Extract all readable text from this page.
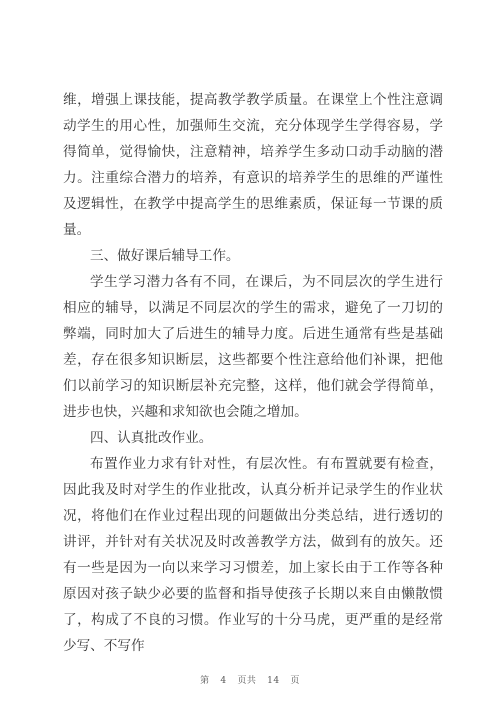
维，增强上课技能，提高教学教学质量。在课堂上个性注意调动学生的用心性，加强师生交流，充分体现学生学得容易，学得简单，觉得愉快，注意精神，培养学生多动口动手动脑的潜力。注重综合潜力的培养，有意识的培养学生的思维的严谨性及逻辑性，在教学中提高学生的思维素质，保证每一节课的质量。

三、做好课后辅导工作。

学生学习潜力各有不同，在课后，为不同层次的学生进行相应的辅导，以满足不同层次的学生的需求，避免了一刀切的弊端，同时加大了后进生的辅导力度。后进生通常有些是基础差，存在很多知识断层，这些都要个性注意给他们补课，把他们以前学习的知识断层补充完整，这样，他们就会学得简单，进步也快，兴趣和求知欲也会随之增加。

四、认真批改作业。

布置作业力求有针对性，有层次性。有布置就要有检查，因此我及时对学生的作业批改，认真分析并记录学生的作业状况，将他们在作业过程出现的问题做出分类总结，进行透切的讲评，并针对有关状况及时改善教学方法，做到有的放矢。还有一些是因为一向以来学习习惯差，加上家长由于工作等各种原因对孩子缺少必要的监督和指导使孩子长期以来自由懒散惯了，构成了不良的习惯。作业写的十分马虎，更严重的是经常少写、不写作

第 4 页共 14 页
